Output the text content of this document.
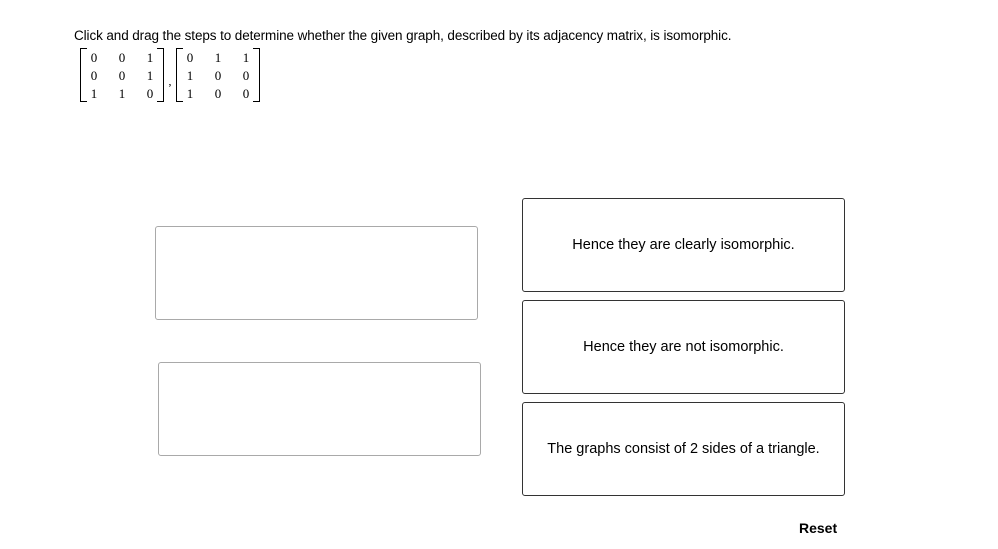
Click and drag the steps to determine whether the given graph, described by its adjacency matrix, is isomorphic.
0	0	1
0	0	1
1	1	0
,
0	1	1
1	0	0
1	0	0
Hence they are clearly isomorphic.
Hence they are not isomorphic.
The graphs consist of 2 sides of a triangle.
Reset
